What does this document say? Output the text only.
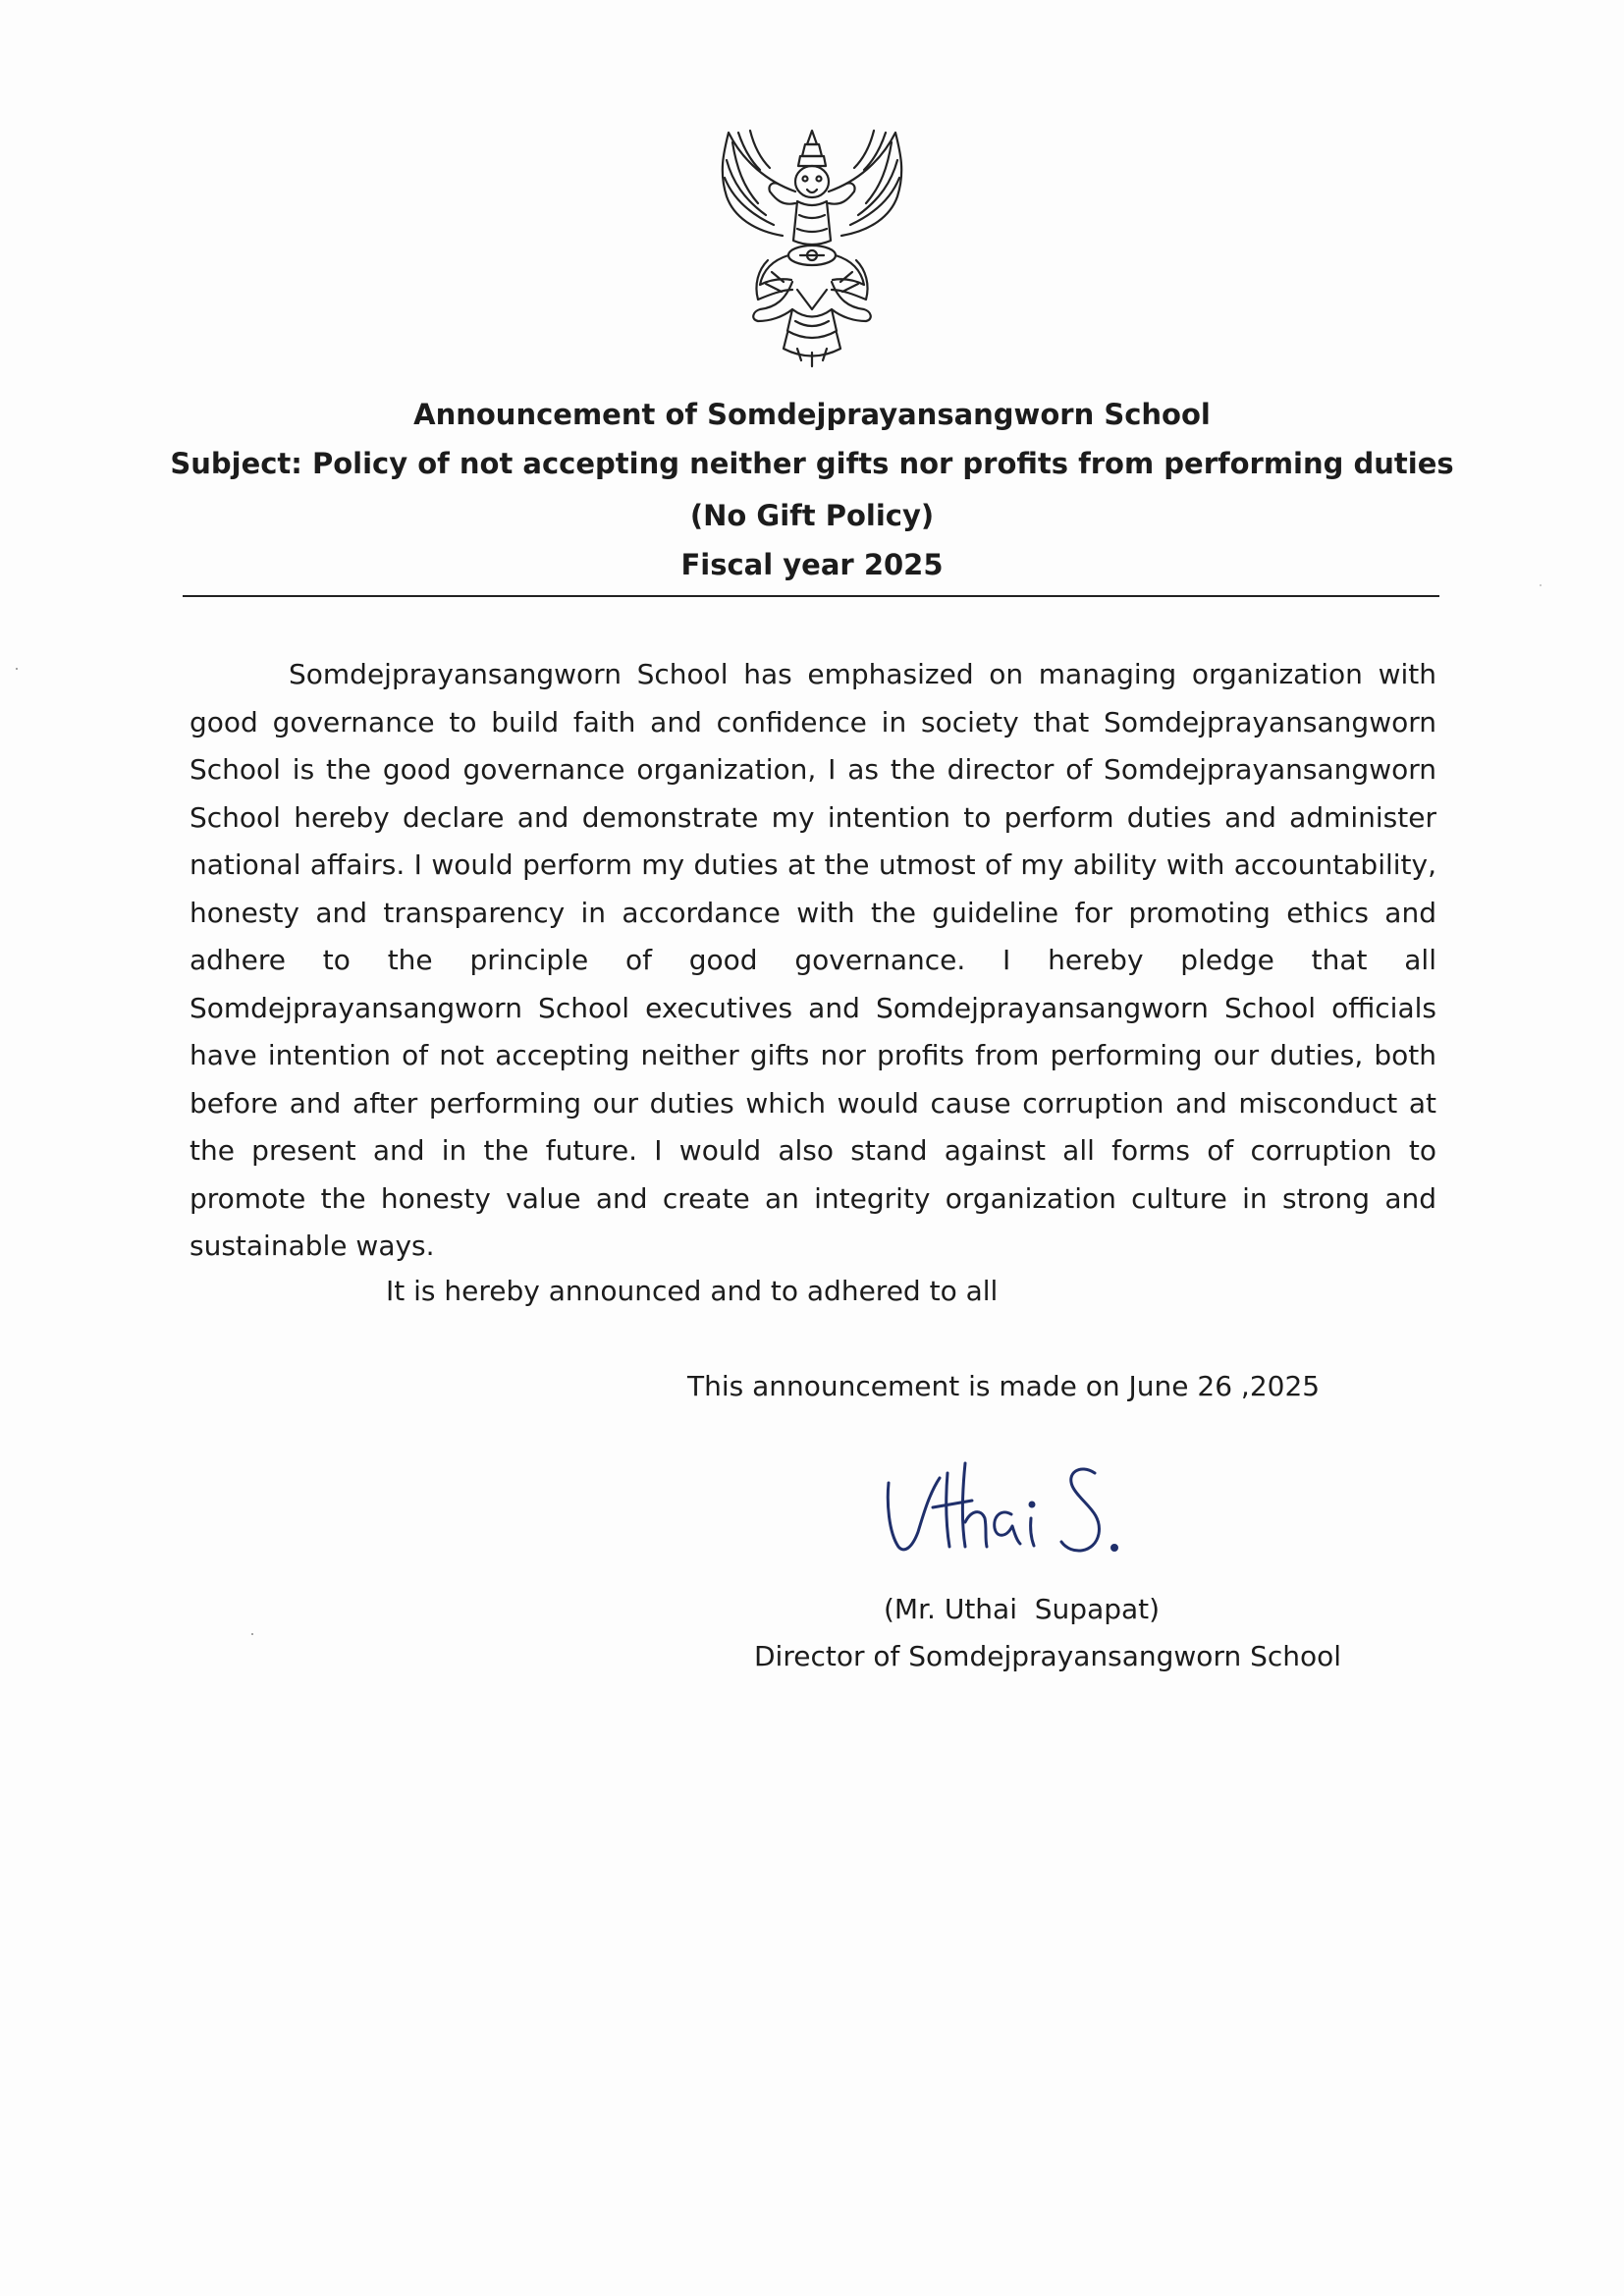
Announcement of Somdejprayansangworn School
Subject: Policy of not accepting neither gifts nor profits from performing duties
(No Gift Policy)
Fiscal year 2025

Somdejprayansangworn School has emphasized on managing organization with good governance to build faith and confidence in society that Somdejprayansangworn School is the good governance organization, I as the director of Somdejprayansangworn School hereby declare and demonstrate my intention to perform duties and administer national affairs. I would perform my duties at the utmost of my ability with accountability, honesty and transparency in accordance with the guideline for promoting ethics and adhere to the principle of good governance. I hereby pledge that all Somdejprayansangworn School executives and Somdejprayansangworn School officials have intention of not accepting neither gifts nor profits from performing our duties, both before and after performing our duties which would cause corruption and misconduct at the present and in the future. I would also stand against all forms of corruption to promote the honesty value and create an integrity organization culture in strong and sustainable ways.

It is hereby announced and to adhered to all
This announcement is made on June 26 ,2025
(Mr. Uthai  Supapat)
Director of Somdejprayansangworn School
